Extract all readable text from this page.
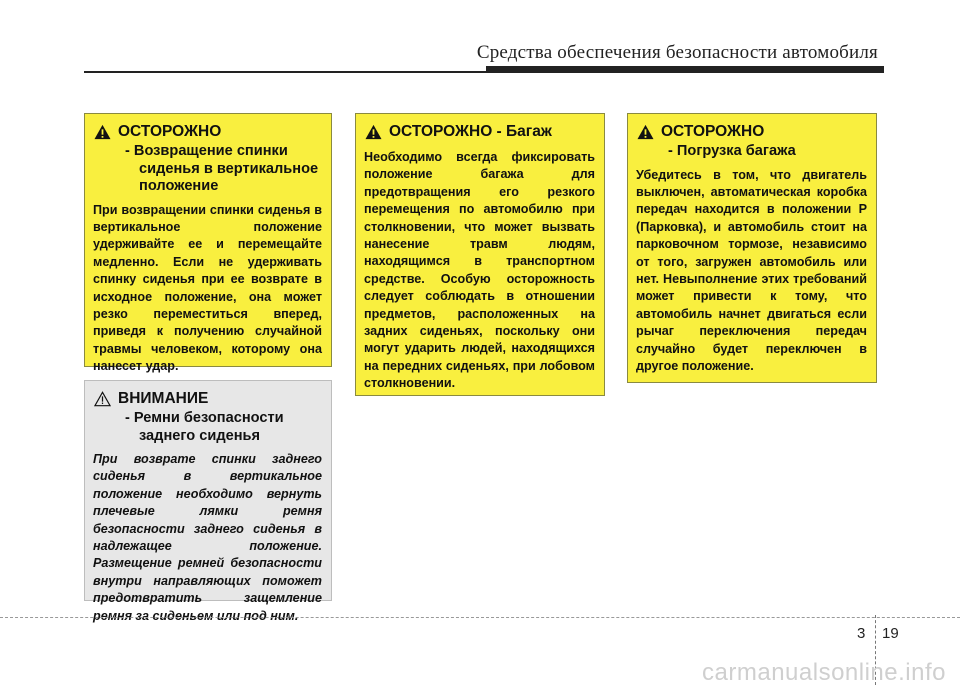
Средства обеспечения безопасности автомобиля
ОСТОРОЖНО
- Возвращение спинки
сиденья в вертикальное
положение
При возвращении спинки сиденья в вертикальное положение удерживайте ее и перемещайте медленно. Если не удерживать спинку сиденья при ее возврате в исходное положение, она может резко переместиться вперед, приведя к получению случайной травмы человеком, которому она нанесет удар.
ВНИМАНИЕ
- Ремни безопасности
заднего сиденья
При возврате спинки заднего сиденья в вертикальное положение необходимо вернуть плечевые лямки ремня безопасности заднего сиденья в надлежащее положение. Размещение ремней безопасности внутри направляющих поможет предотвратить защемление ремня за сиденьем или под ним.
ОСТОРОЖНО - Багаж
Необходимо всегда фиксировать положение багажа для предотвращения его резкого перемещения по автомобилю при столкновении, что может вызвать нанесение травм людям, находящимся в транспортном средстве. Особую осторожность следует соблюдать в отношении предметов, расположенных на задних сиденьях, поскольку они могут ударить людей, находящихся на передних сиденьях, при лобовом столкновении.
ОСТОРОЖНО
- Погрузка багажа
Убедитесь в том, что двигатель выключен, автоматическая коробка передач находится в положении P (Парковка), и автомобиль стоит на парковочном тормозе, независимо от того, загружен автомобиль или нет. Невыполнение этих требований может привести к тому, что автомобиль начнет двигаться если рычаг переключения передач случайно будет переключен в другое положение.
3 19
carmanualsonline.info
